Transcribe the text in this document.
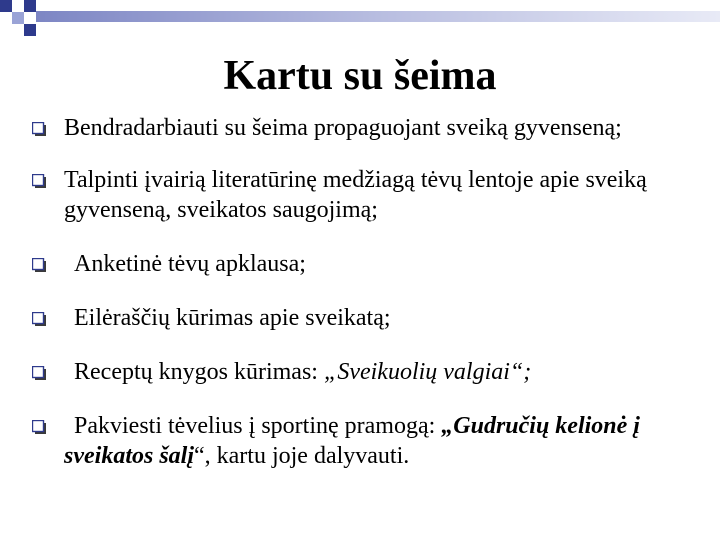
Kartu su šeima
Bendradarbiauti su šeima propaguojant sveiką gyvenseną;
Talpinti įvairią literatūrinę medžiagą tėvų lentoje apie sveiką gyvenseną, sveikatos saugojimą;
Anketinė tėvų apklausa;
Eilėraščių kūrimas apie sveikatą;
Receptų knygos kūrimas: „Sveikuolių valgiai“;
Pakviesti tėvelius į sportinę pramogą: „Gudručių kelionė į sveikatos šalį“, kartu joje dalyvauti.
